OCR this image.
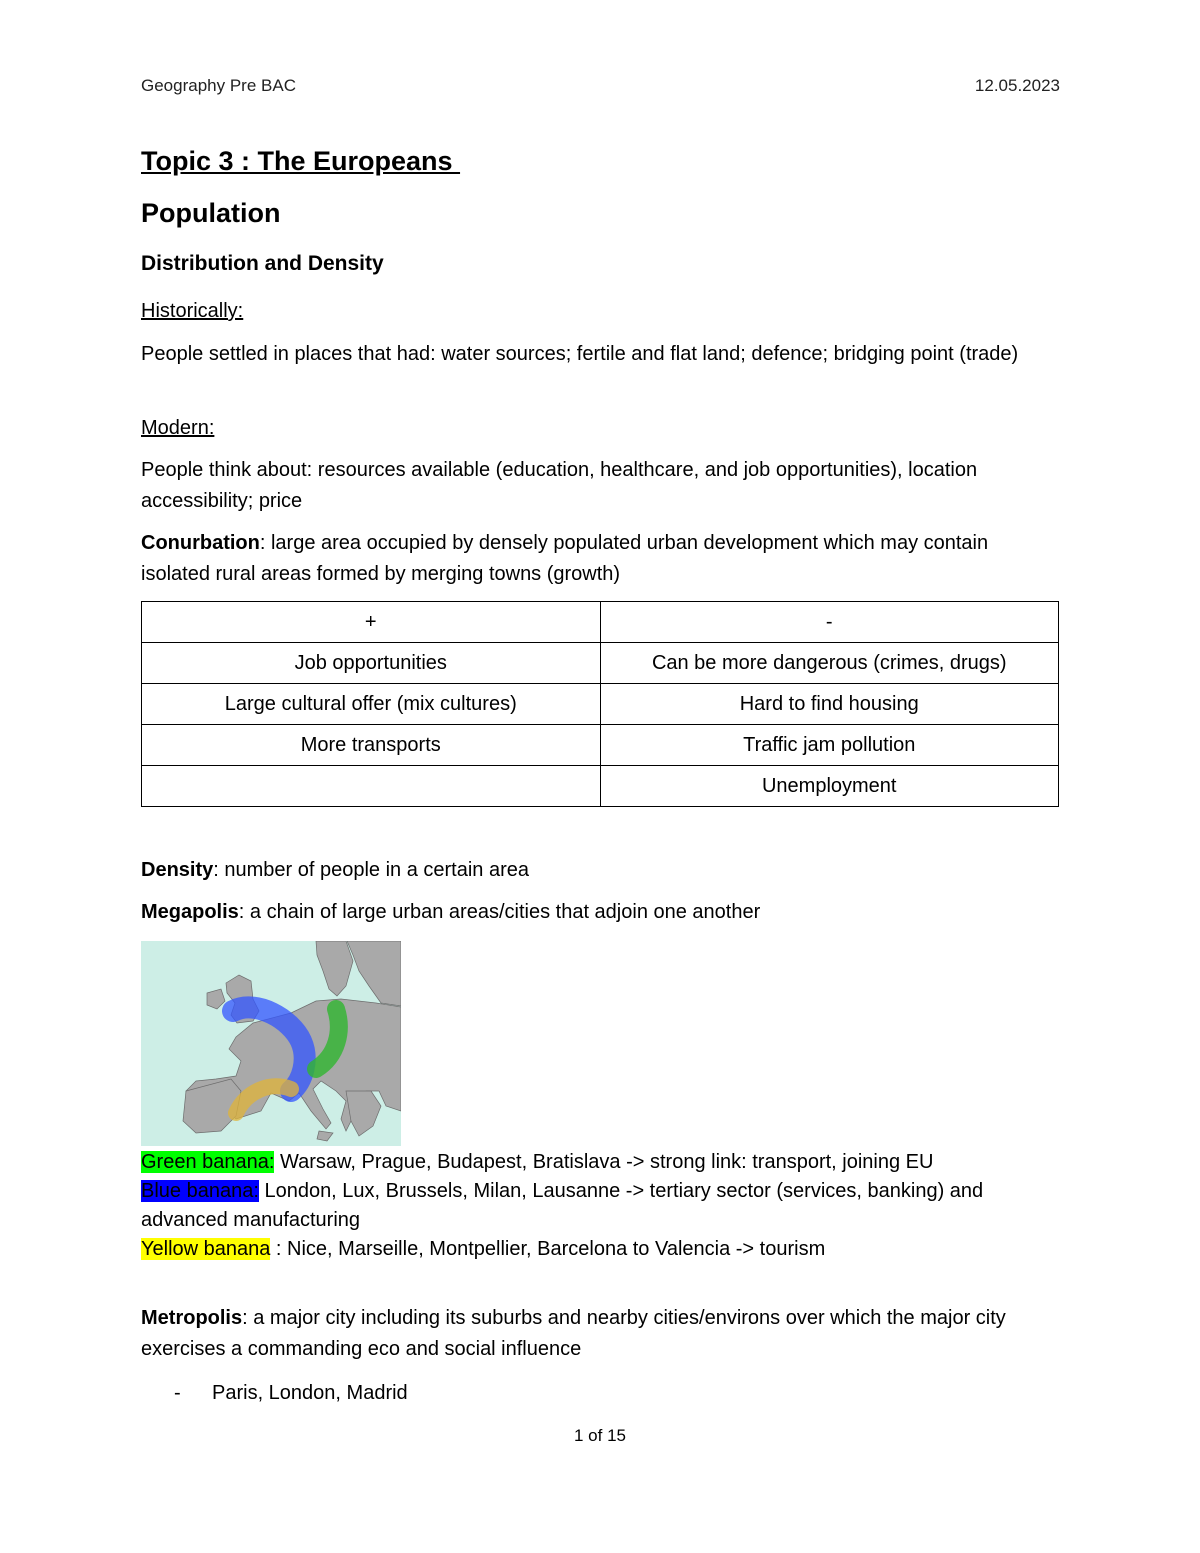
Geography Pre BAC	12.05.2023
Topic 3 : The Europeans
Population
Distribution and Density
Historically:
People settled in places that had: water sources; fertile and flat land; defence; bridging point (trade)
Modern:
People think about: resources available (education, healthcare, and job opportunities), location accessibility; price
Conurbation: large area occupied by densely populated urban development which may contain isolated rural areas formed by merging towns (growth)
+	-
Job opportunities	Can be more dangerous (crimes, drugs)
Large cultural offer (mix cultures)	Hard to find housing
More transports	Traffic jam pollution
	Unemployment
Density: number of people in a certain area
Megapolis: a chain of large urban areas/cities that adjoin one another
Green banana: Warsaw, Prague, Budapest, Bratislava -> strong link: transport, joining EU
Blue banana: London, Lux, Brussels, Milan, Lausanne -> tertiary sector (services, banking) and advanced manufacturing
Yellow banana : Nice, Marseille, Montpellier, Barcelona to Valencia -> tourism
Metropolis: a major city including its suburbs and nearby cities/environs over which the major city exercises a commanding eco and social influence
-	Paris, London, Madrid
1 of 15
